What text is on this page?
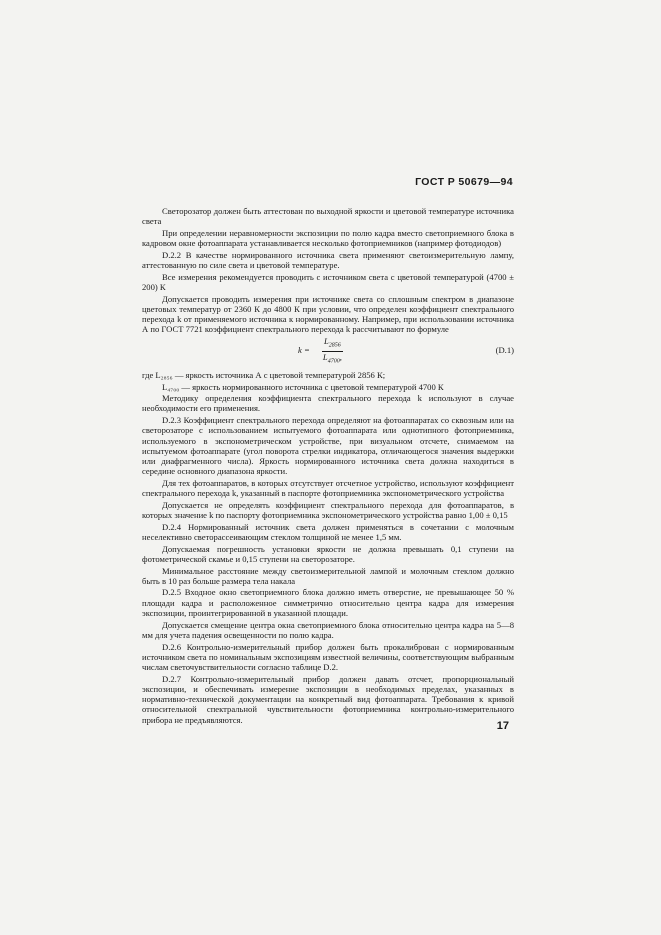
ГОСТ Р 50679—94

Светорозатор должен быть аттестован по выходной яркости и цветовой температуре источника света

При определении неравномерности экспозиции по полю кадра вместо светоприемного блока в кадровом окне фотоаппарата устанавливается несколько фотоприемников (например фотодиодов)

D.2.2 В качестве нормированного источника света применяют светоизмерительную лампу, аттестованную по силе света и цветовой температуре.

Все измерения рекомендуется проводить с источником света с цветовой температурой (4700 ± 200) К

Допускается проводить измерения при источнике света со сплошным спектром в диапазоне цветовых температур от 2360 К до 4800 К при условии, что определен коэффициент спектрального перехода k от применяемого источника к нормированному. Например, при использовании источника А по ГОСТ 7721 коэффициент спектрального перехода k рассчитывают по формуле

$k = \frac{L_{2856}}{L_{4700},}$	(D.1)

где L₂₈₅₆ — яркость источника А с цветовой температурой 2856 К;

L₄₇₀₀ — яркость нормированного источника с цветовой температурой 4700 К

Методику определения коэффициента спектрального перехода k используют в случае необходимости его применения.

D.2.3 Коэффициент спектрального перехода определяют на фотоаппаратах со сквозным или на светорозаторе с использованием испытуемого фотоаппарата или однотипного фотоприемника, используемого в экспонометрическом устройстве, при визуальном отсчете, снимаемом на испытуемом фотоаппарате (угол поворота стрелки индикатора, отличающегося значения выдержки или диафрагменного числа). Яркость нормированного источника света должна находиться в середине основного диапазона яркости.

Для тех фотоаппаратов, в которых отсутствует отсчетное устройство, используют коэффициент спектрального перехода k, указанный в паспорте фотоприемника экспонометрического устройства

Допускается не определять коэффициент спектрального перехода для фотоаппаратов, в которых значение k по паспорту фотоприемника экспонометрического устройства равно 1,00 ± 0,15

D.2.4 Нормированный источник света должен применяться в сочетании с молочным неселективно светорассеивающим стеклом толщиной не менее 1,5 мм.

Допускаемая погрешность установки яркости не должна превышать 0,1 ступени на фотометрической скамье и 0,15 ступени на светорозаторе.

Минимальное расстояние между светоизмерительной лампой и молочным стеклом должно быть в 10 раз больше размера тела накала

D.2.5 Входное окно светоприемного блока должно иметь отверстие, не превышающее 50 % площади кадра и расположенное симметрично относительно центра кадра для измерения экспозиции, проинтегрированной в указанной площади.

Допускается смещение центра окна светоприемного блока относительно центра кадра на 5—8 мм для учета падения освещенности по полю кадра.

D.2.6 Контрольно-измерительный прибор должен быть прокалиброван с нормированным источником света по номинальным экспозициям известной величины, соответствующим выбранным числам светочувствительности согласно таблице D.2.

D.2.7 Контрольно-измерительный прибор должен давать отсчет, пропорциональный экспозиции, и обеспечивать измерение экспозиции в необходимых пределах, указанных в нормативно-технической документации на конкретный вид фотоаппарата. Требования к кривой относительной спектральной чувствительности фотоприемника контрольно-измерительного прибора не предъявляются.

17
